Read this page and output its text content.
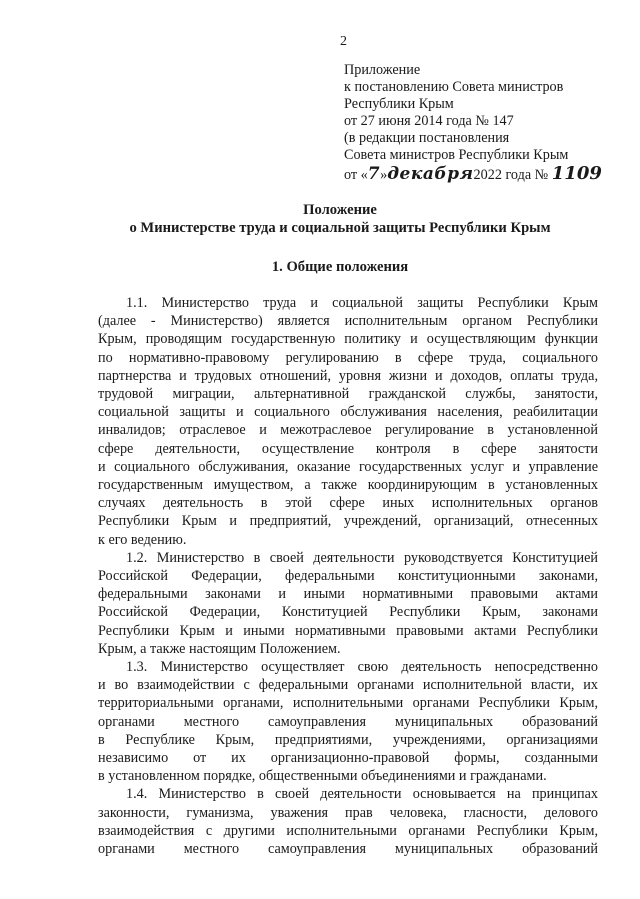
2
Приложение
к постановлению Совета министров
Республики Крым
от 27 июня 2014 года № 147
(в редакции постановления
Совета министров Республики Крым
от «7»декабря2022 года № 1109
Положение
о Министерстве труда и социальной защиты Республики Крым
1. Общие положения

1.1. Министерство труда и социальной защиты Республики Крым
(далее - Министерство) является исполнительным органом Республики
Крым, проводящим государственную политику и осуществляющим функции
по нормативно-правовому регулированию в сфере труда, социального
партнерства и трудовых отношений, уровня жизни и доходов, оплаты труда,
трудовой миграции, альтернативной гражданской службы, занятости,
социальной защиты и социального обслуживания населения, реабилитации
инвалидов; отраслевое и межотраслевое регулирование в установленной
сфере деятельности, осуществление контроля в сфере занятости
и социального обслуживания, оказание государственных услуг и управление
государственным имуществом, а также координирующим в установленных
случаях деятельность в этой сфере иных исполнительных органов
Республики Крым и предприятий, учреждений, организаций, отнесенных
к его ведению.

1.2. Министерство в своей деятельности руководствуется Конституцией
Российской Федерации, федеральными конституционными законами,
федеральными законами и иными нормативными правовыми актами
Российской Федерации, Конституцией Республики Крым, законами
Республики Крым и иными нормативными правовыми актами Республики
Крым, а также настоящим Положением.

1.3. Министерство осуществляет свою деятельность непосредственно
и во взаимодействии с федеральными органами исполнительной власти, их
территориальными органами, исполнительными органами Республики Крым,
органами местного самоуправления муниципальных образований
в Республике Крым, предприятиями, учреждениями, организациями
независимо от их организационно-правовой формы, созданными
в установленном порядке, общественными объединениями и гражданами.

1.4. Министерство в своей деятельности основывается на принципах
законности, гуманизма, уважения прав человека, гласности, делового
взаимодействия с другими исполнительными органами Республики Крым,
органами местного самоуправления муниципальных образований
